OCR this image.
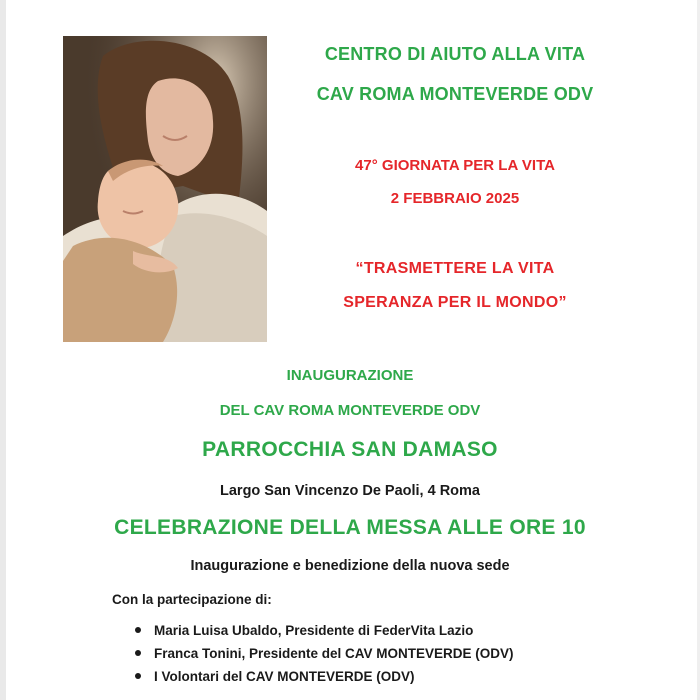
CENTRO DI AIUTO ALLA VITA

CAV ROMA MONTEVERDE ODV

47° GIORNATA PER LA VITA

2 FEBBRAIO 2025

“TRASMETTERE LA VITA

SPERANZA PER IL MONDO”

INAUGURAZIONE

DEL CAV ROMA MONTEVERDE ODV

PARROCCHIA SAN DAMASO

Largo San Vincenzo De Paoli, 4 Roma

CELEBRAZIONE DELLA MESSA ALLE ORE 10

Inaugurazione e benedizione della nuova sede

Con la partecipazione di:

Maria Luisa Ubaldo, Presidente di FederVita Lazio
Franca Tonini, Presidente del CAV MONTEVERDE (ODV)
I Volontari del CAV MONTEVERDE (ODV)
